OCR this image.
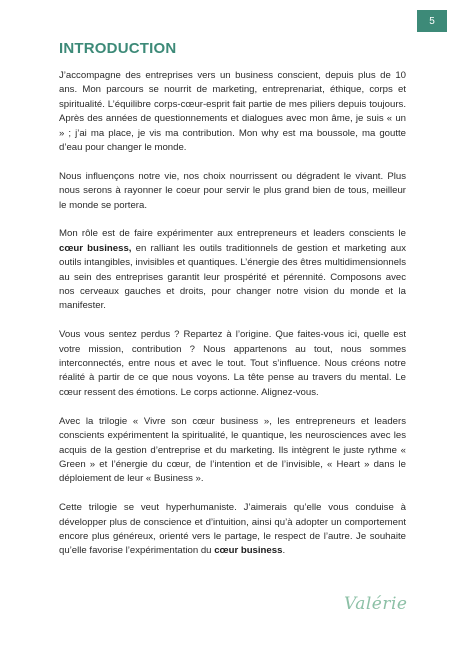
5
INTRODUCTION

J’accompagne des entreprises vers un business conscient, depuis plus de 10 ans. Mon parcours se nourrit de marketing, entreprenariat, éthique, corps et spiritualité. L’équilibre corps-cœur-esprit fait partie de mes piliers depuis toujours. Après des années de questionnements et dialogues avec mon âme, je suis « un » ; j’ai ma place, je vis ma contribution. Mon why est ma boussole, ma goutte d’eau pour changer le monde.

Nous influençons notre vie, nos choix nourrissent ou dégradent le vivant. Plus nous serons à rayonner le coeur pour servir le plus grand bien de tous, meilleur le monde se portera.

Mon rôle est de faire expérimenter aux entrepreneurs et leaders conscients le cœur business, en ralliant les outils traditionnels de gestion et marketing aux outils intangibles, invisibles et quantiques. L’énergie des êtres multidimensionnels au sein des entreprises garantit leur prospérité et pérennité. Composons avec nos cerveaux gauches et droits, pour changer notre vision du monde et la manifester.

Vous vous sentez perdus ? Repartez à l’origine. Que faites-vous ici, quelle est votre mission, contribution ? Nous appartenons au tout, nous sommes interconnectés, entre nous et avec le tout. Tout s’influence. Nous créons notre réalité à partir de ce que nous voyons. La tête pense au travers du mental. Le cœur ressent des émotions. Le corps actionne. Alignez-vous.

Avec la trilogie « Vivre son cœur business », les entrepreneurs et leaders conscients expérimentent la spiritualité, le quantique, les neurosciences avec les acquis de la gestion d’entreprise et du marketing. Ils intègrent le juste rythme « Green » et l’énergie du cœur, de l’intention et de l’invisible, « Heart » dans le déploiement de leur « Business ».

Cette trilogie se veut hyperhumaniste. J’aimerais qu’elle vous conduise à développer plus de conscience et d’intuition, ainsi qu’à adopter un comportement encore plus généreux, orienté vers le partage, le respect de l’autre. Je souhaite qu’elle favorise l’expérimentation du cœur business.

Valérie
